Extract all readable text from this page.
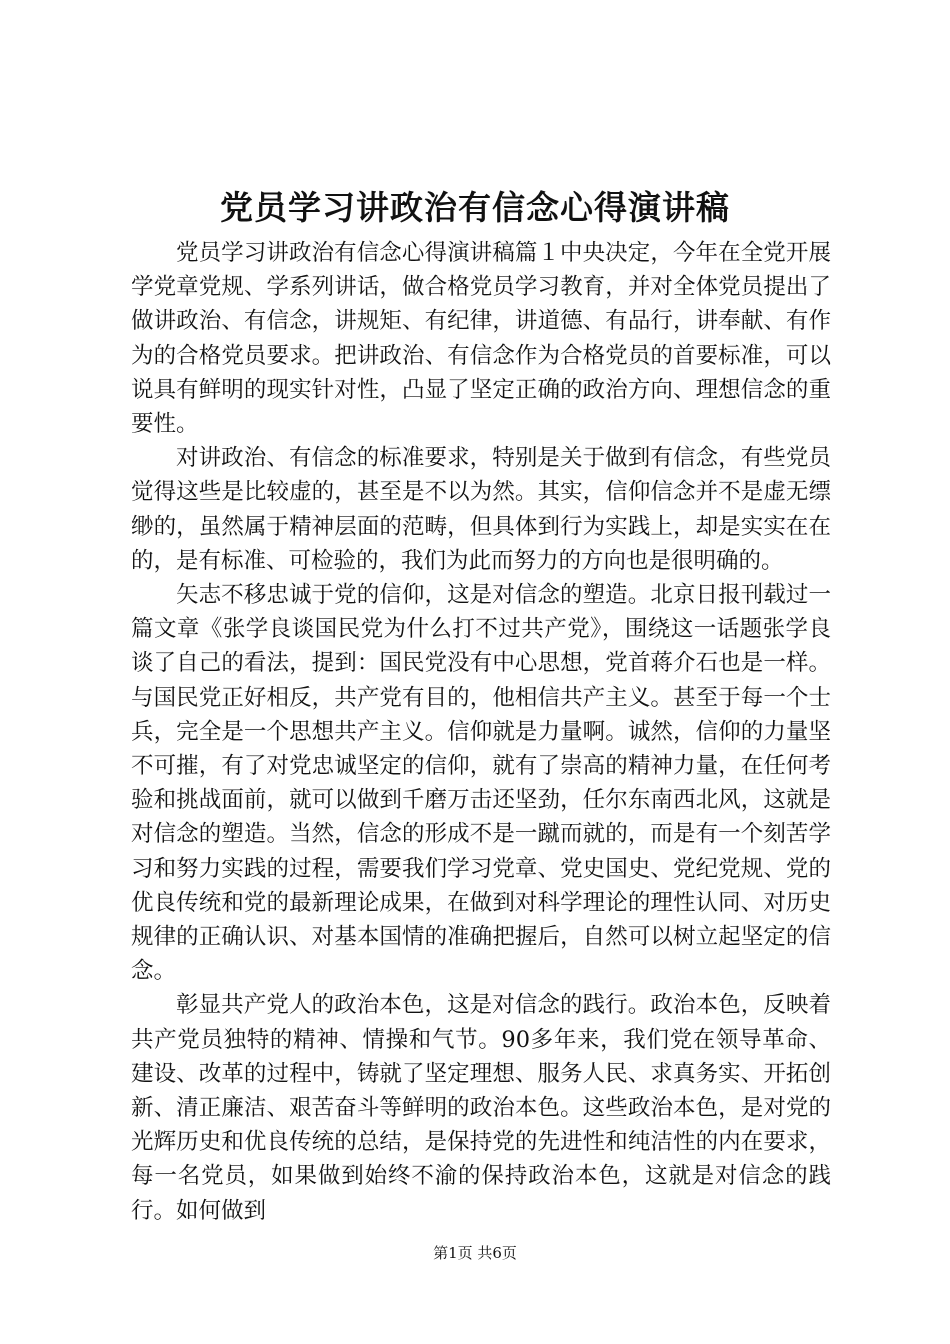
党员学习讲政治有信念心得演讲稿

党员学习讲政治有信念心得演讲稿篇１中央决定，今年在全党开展学党章党规、学系列讲话，做合格党员学习教育，并对全体党员提出了做讲政治、有信念，讲规矩、有纪律，讲道德、有品行，讲奉献、有作为的合格党员要求。把讲政治、有信念作为合格党员的首要标准，可以说具有鲜明的现实针对性，凸显了坚定正确的政治方向、理想信念的重要性。

对讲政治、有信念的标准要求，特别是关于做到有信念，有些党员觉得这些是比较虚的，甚至是不以为然。其实，信仰信念并不是虚无缥缈的，虽然属于精神层面的范畴，但具体到行为实践上，却是实实在在的，是有标准、可检验的，我们为此而努力的方向也是很明确的。

矢志不移忠诚于党的信仰，这是对信念的塑造。北京日报刊载过一篇文章《张学良谈国民党为什么打不过共产党》，围绕这一话题张学良谈了自己的看法，提到：国民党没有中心思想，党首蒋介石也是一样。与国民党正好相反，共产党有目的，他相信共产主义。甚至于每一个士兵，完全是一个思想共产主义。信仰就是力量啊。诚然，信仰的力量坚不可摧，有了对党忠诚坚定的信仰，就有了崇高的精神力量，在任何考验和挑战面前，就可以做到千磨万击还坚劲，任尔东南西北风，这就是对信念的塑造。当然，信念的形成不是一蹴而就的，而是有一个刻苦学习和努力实践的过程，需要我们学习党章、党史国史、党纪党规、党的优良传统和党的最新理论成果，在做到对科学理论的理性认同、对历史规律的正确认识、对基本国情的准确把握后，自然可以树立起坚定的信念。

彰显共产党人的政治本色，这是对信念的践行。政治本色，反映着共产党员独特的精神、情操和气节。90多年来，我们党在领导革命、建设、改革的过程中，铸就了坚定理想、服务人民、求真务实、开拓创新、清正廉洁、艰苦奋斗等鲜明的政治本色。这些政治本色，是对党的光辉历史和优良传统的总结，是保持党的先进性和纯洁性的内在要求，每一名党员，如果做到始终不渝的保持政治本色，这就是对信念的践行。如何做到

第1页 共6页
